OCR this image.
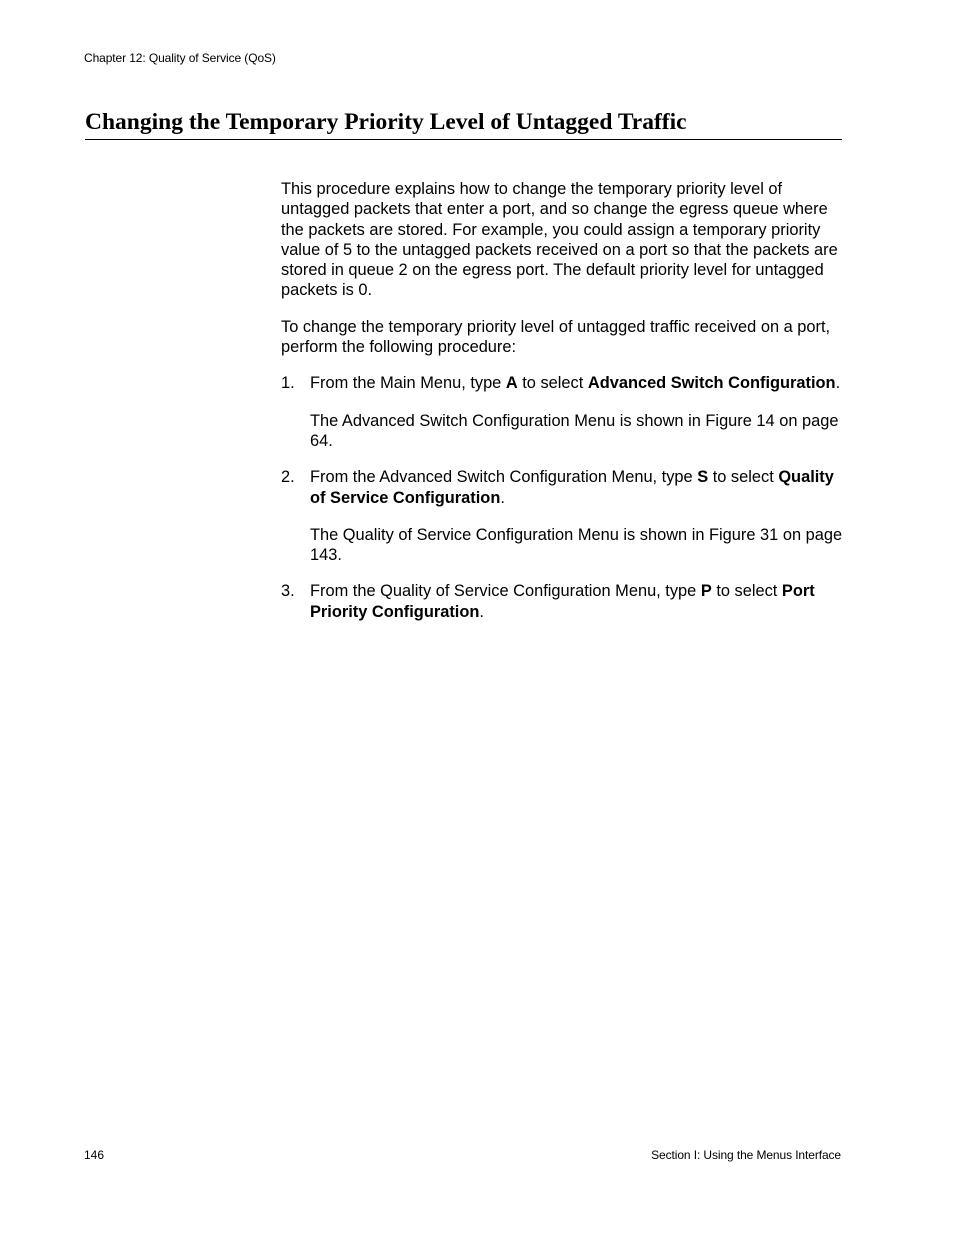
Chapter 12: Quality of Service (QoS)
Changing the Temporary Priority Level of Untagged Traffic

This procedure explains how to change the temporary priority level of untagged packets that enter a port, and so change the egress queue where the packets are stored. For example, you could assign a temporary priority value of 5 to the untagged packets received on a port so that the packets are stored in queue 2 on the egress port. The default priority level for untagged packets is 0.

To change the temporary priority level of untagged traffic received on a port, perform the following procedure:

1. From the Main Menu, type A to select Advanced Switch Configuration.

The Advanced Switch Configuration Menu is shown in Figure 14 on page 64.

2. From the Advanced Switch Configuration Menu, type S to select Quality of Service Configuration.

The Quality of Service Configuration Menu is shown in Figure 31 on page 143.

3. From the Quality of Service Configuration Menu, type P to select Port Priority Configuration.
146	Section I: Using the Menus Interface
